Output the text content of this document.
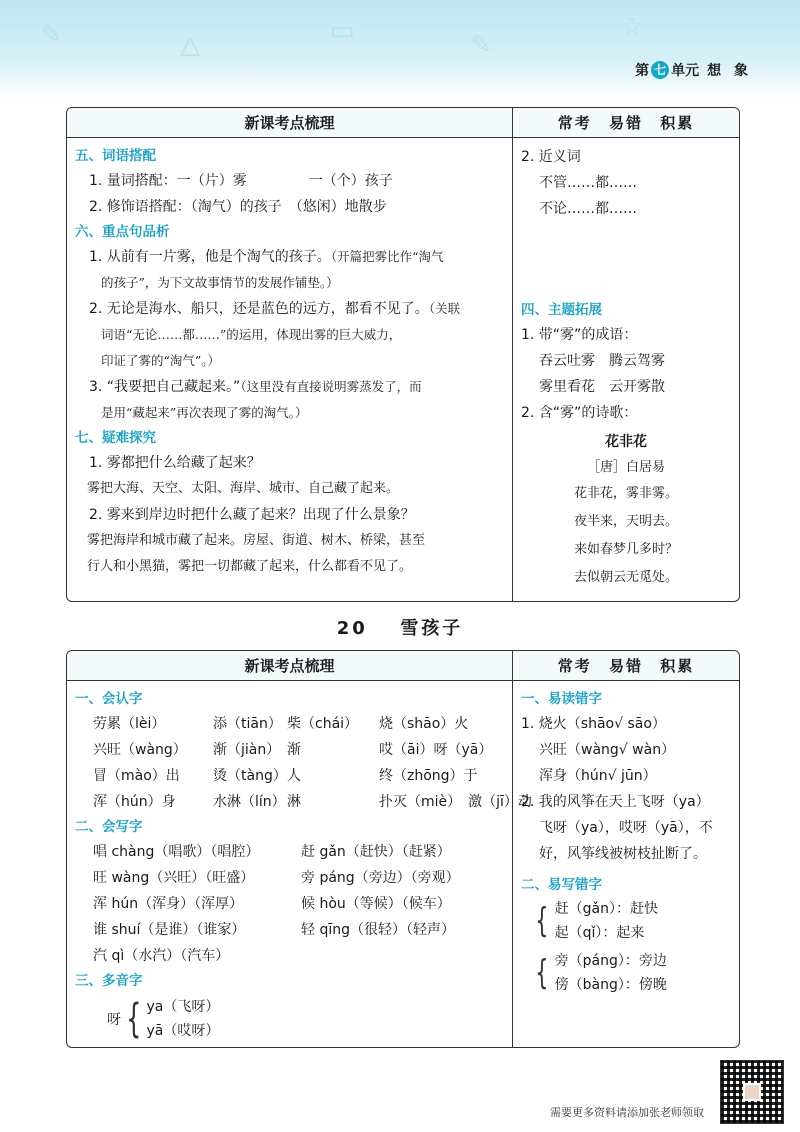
✎	△	▭	✎
☆
第 七 单元 想 象
新课考点梳理	常考 易错 积累
五、词语搭配
1. 量词搭配：一（片）雾	一（个）孩子
2. 修饰语搭配：（淘气）的孩子　（悠闲）地散步
六、重点句品析
1. 从前有一片雾，他是个淘气的孩子。（开篇把雾比作“淘气
的孩子”，为下文故事情节的发展作铺垫。）
2. 无论是海水、船只，还是蓝色的远方，都看不见了。（关联
词语“无论……都……”的运用，体现出雾的巨大威力，
印证了雾的“淘气”。）
3. “我要把自己藏起来。”（这里没有直接说明雾蒸发了，而
是用“藏起来”再次表现了雾的淘气。）
七、疑难探究
1. 雾都把什么给藏了起来？
雾把大海、天空、太阳、海岸、城市、自己藏了起来。
2. 雾来到岸边时把什么藏了起来？出现了什么景象？
雾把海岸和城市藏了起来。房屋、街道、树木、桥梁，甚至
行人和小黑猫，雾把一切都藏了起来，什么都看不见了。
2. 近义词
不管……都……
不论……都……
四、主题拓展
1. 带“雾”的成语：
吞云吐雾　腾云驾雾
雾里看花　云开雾散
2. 含“雾”的诗歌：
花非花
［唐］白居易
花非花，雾非雾。
夜半来，天明去。
来如春梦几多时？
去似朝云无觅处。
20 雪孩子
新课考点梳理	常考 易错 积累
一、会认字
劳累（lèi）	添（tiān） 柴（chái）	烧（shāo）火
兴旺（wàng）	渐（jiàn） 渐	哎（āi）呀（yā）
冒（mào）出	烫（tàng） 人	终（zhōng）于
浑（hún）身	水淋（lín） 淋	扑灭（miè）　激（jī）动
二、会写字
唱 chàng（唱歌）（唱腔）	赶 gǎn（赶快）（赶紧）
旺 wàng（兴旺）（旺盛）	旁 páng（旁边）（旁观）
浑 hún（浑身）（浑厚）	候 hòu（等候）（候车）
谁 shuí（是谁）（谁家）	轻 qīng（很轻）（轻声）
汽 qì（水汽）（汽车）
三、多音字
呀 { ya（飞呀）
yā（哎呀）
一、易读错字
1. 烧火（shāo√ sāo）
兴旺（wàng√ wàn）
浑身（hún√ jūn）
2. 我的风筝在天上飞呀（ya）
飞呀（ya），哎呀（yā），不
好，风筝线被树枝扯断了。
二、易写错字
{ 赶（gǎn）：赶快
起（qǐ）：起来
{ 旁（páng）：旁边
傍（bàng）：傍晚
需要更多资料请添加张老师领取
